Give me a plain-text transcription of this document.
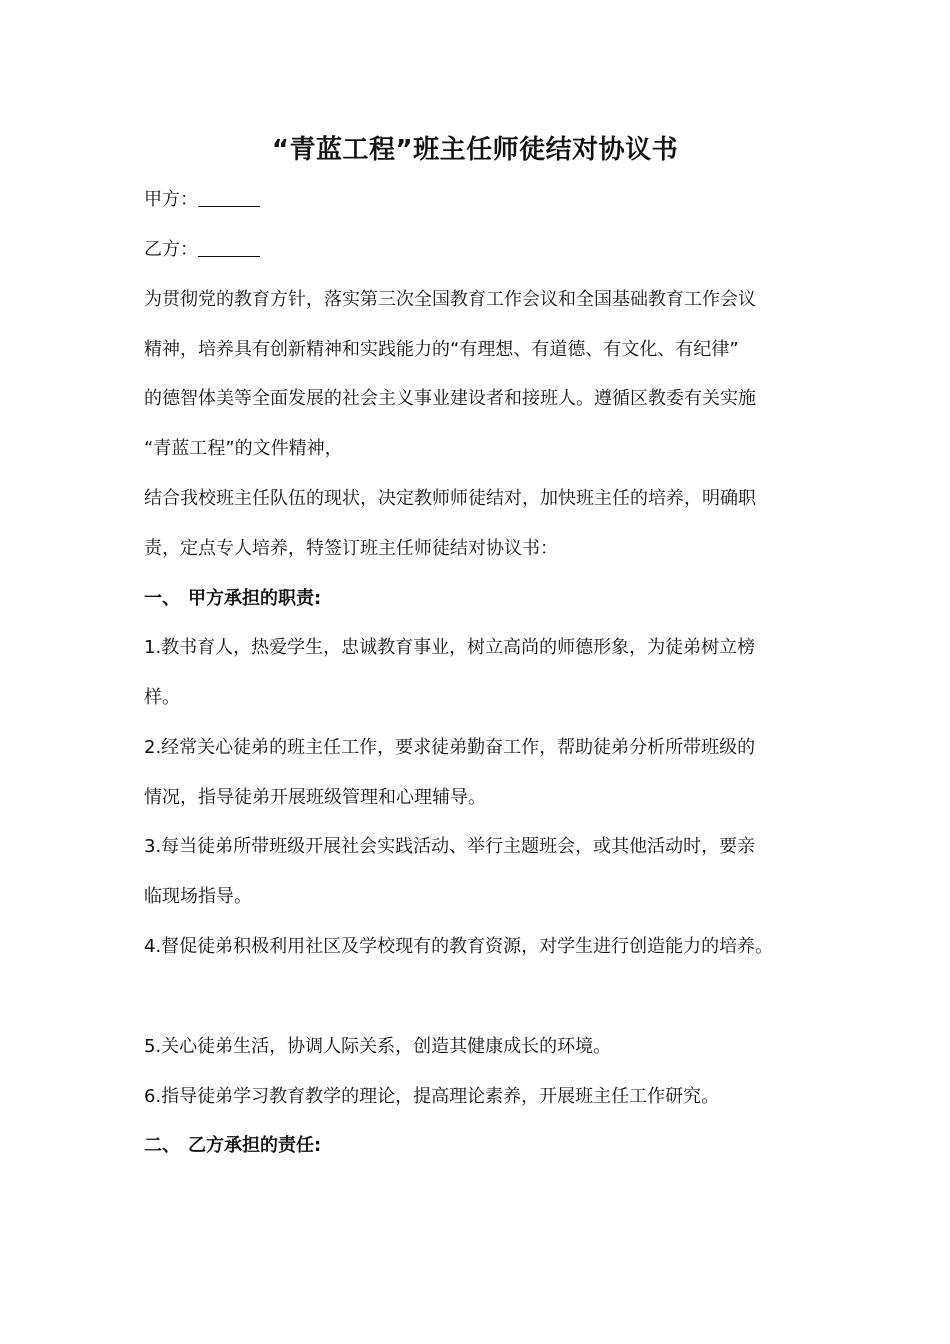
“青蓝工程”班主任师徒结对协议书
甲方：
乙方：
为贯彻党的教育方针，落实第三次全国教育工作会议和全国基础教育工作会议
精神，培养具有创新精神和实践能力的“有理想、有道德、有文化、有纪律”
的德智体美等全面发展的社会主义事业建设者和接班人。遵循区教委有关实施
“青蓝工程”的文件精神，
结合我校班主任队伍的现状，决定教师师徒结对，加快班主任的培养，明确职
责，定点专人培养，特签订班主任师徒结对协议书：
一、 甲方承担的职责:
1.教书育人，热爱学生，忠诚教育事业，树立高尚的师德形象，为徒弟树立榜
样。
2.经常关心徒弟的班主任工作，要求徒弟勤奋工作，帮助徒弟分析所带班级的
情况，指导徒弟开展班级管理和心理辅导。
3.每当徒弟所带班级开展社会实践活动、举行主题班会，或其他活动时，要亲
临现场指导。
4.督促徒弟积极利用社区及学校现有的教育资源，对学生进行创造能力的培养。
5.关心徒弟生活，协调人际关系，创造其健康成长的环境。
6.指导徒弟学习教育教学的理论，提高理论素养，开展班主任工作研究。
二、 乙方承担的责任:
